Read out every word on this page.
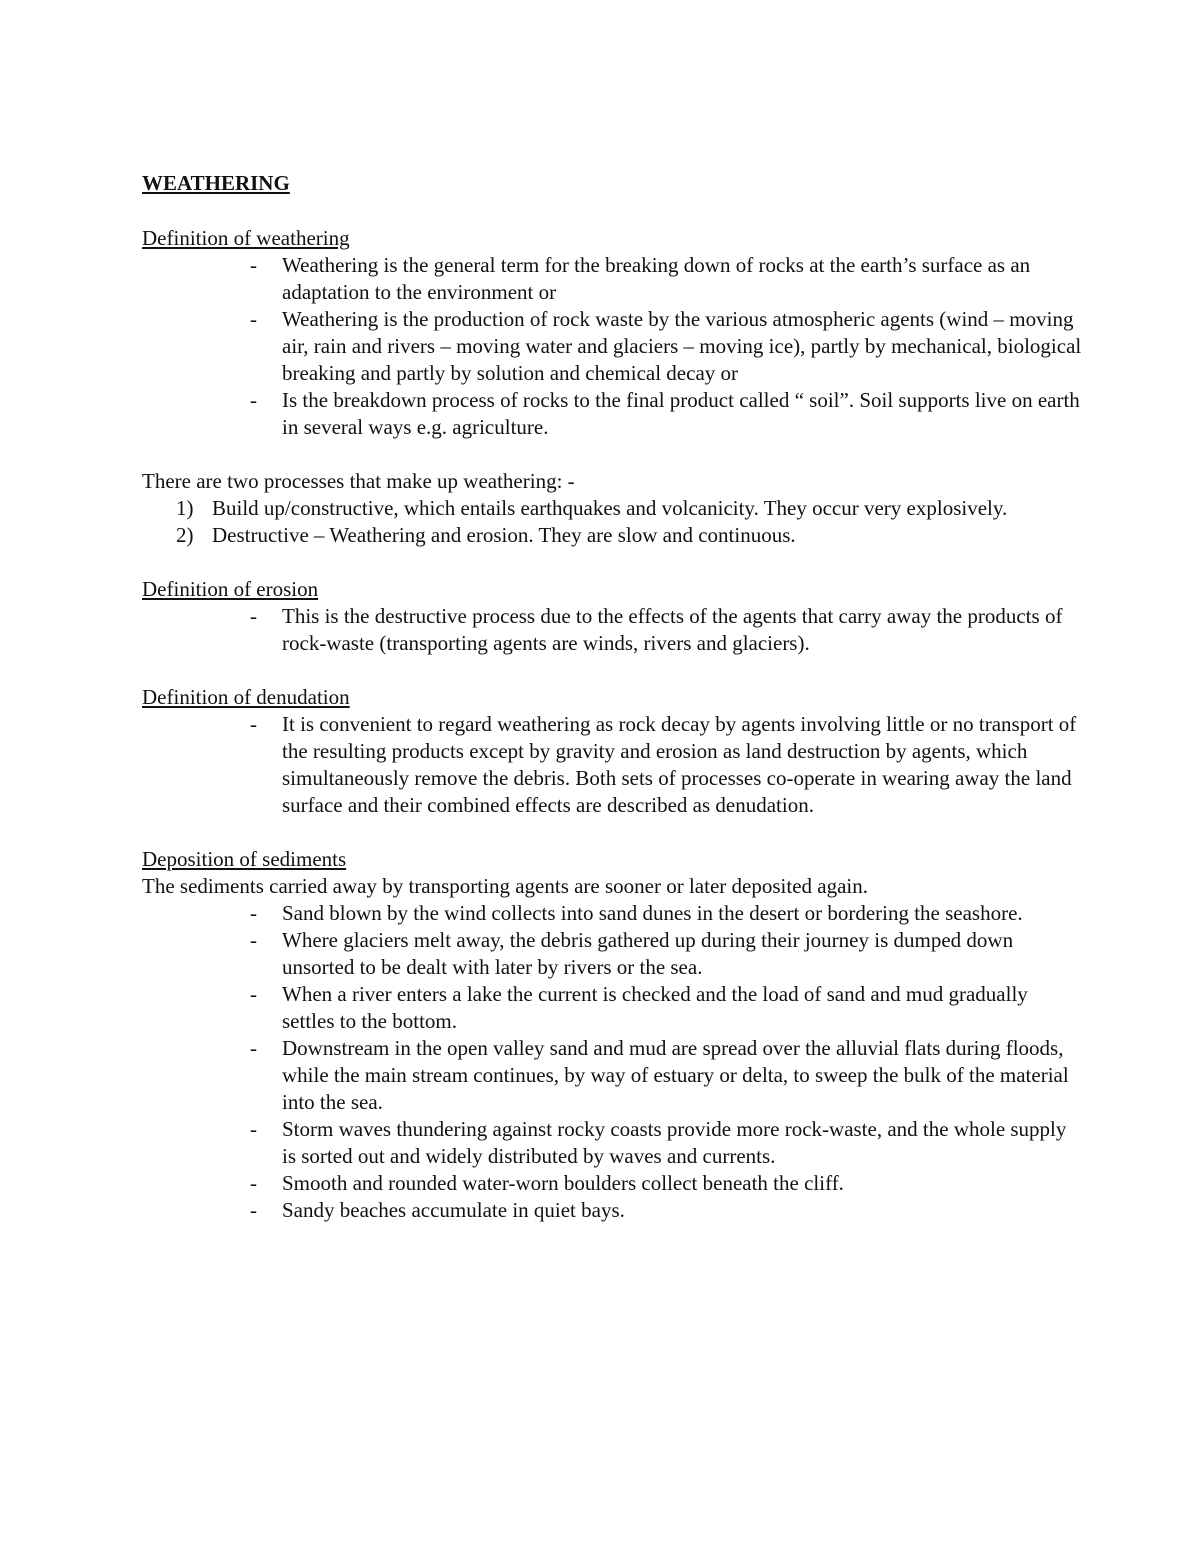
WEATHERING
Definition of weathering
- Weathering is the general term for the breaking down of rocks at the earth’s surface as an adaptation to the environment or
- Weathering is the production of rock waste by the various atmospheric agents (wind – moving air, rain and rivers – moving water and glaciers – moving ice), partly by mechanical, biological breaking and partly by solution and chemical decay or
- Is the breakdown process of rocks to the final product called “ soil”. Soil supports live on earth in several ways e.g. agriculture.

There are two processes that make up weathering: -

1) Build up/constructive, which entails earthquakes and volcanicity. They occur very explosively.
2) Destructive – Weathering and erosion. They are slow and continuous.
Definition of erosion
- This is the destructive process due to the effects of the agents that carry away the products of rock-waste (transporting agents are winds, rivers and glaciers).
Definition of denudation
- It is convenient to regard weathering as rock decay by agents involving little or no transport of the resulting products except by gravity and erosion as land destruction by agents, which simultaneously remove the debris. Both sets of processes co-operate in wearing away the land surface and their combined effects are described as denudation.
Deposition of sediments

The sediments carried away by transporting agents are sooner or later deposited again.

- Sand blown by the wind collects into sand dunes in the desert or bordering the seashore.
- Where glaciers melt away, the debris gathered up during their journey is dumped down unsorted to be dealt with later by rivers or the sea.
- When a river enters a lake the current is checked and the load of sand and mud gradually settles to the bottom.
- Downstream in the open valley sand and mud are spread over the alluvial flats during floods, while the main stream continues, by way of estuary or delta, to sweep the bulk of the material into the sea.
- Storm waves thundering against rocky coasts provide more rock-waste, and the whole supply is sorted out and widely distributed by waves and currents.
- Smooth and rounded water-worn boulders collect beneath the cliff.
- Sandy beaches accumulate in quiet bays.
